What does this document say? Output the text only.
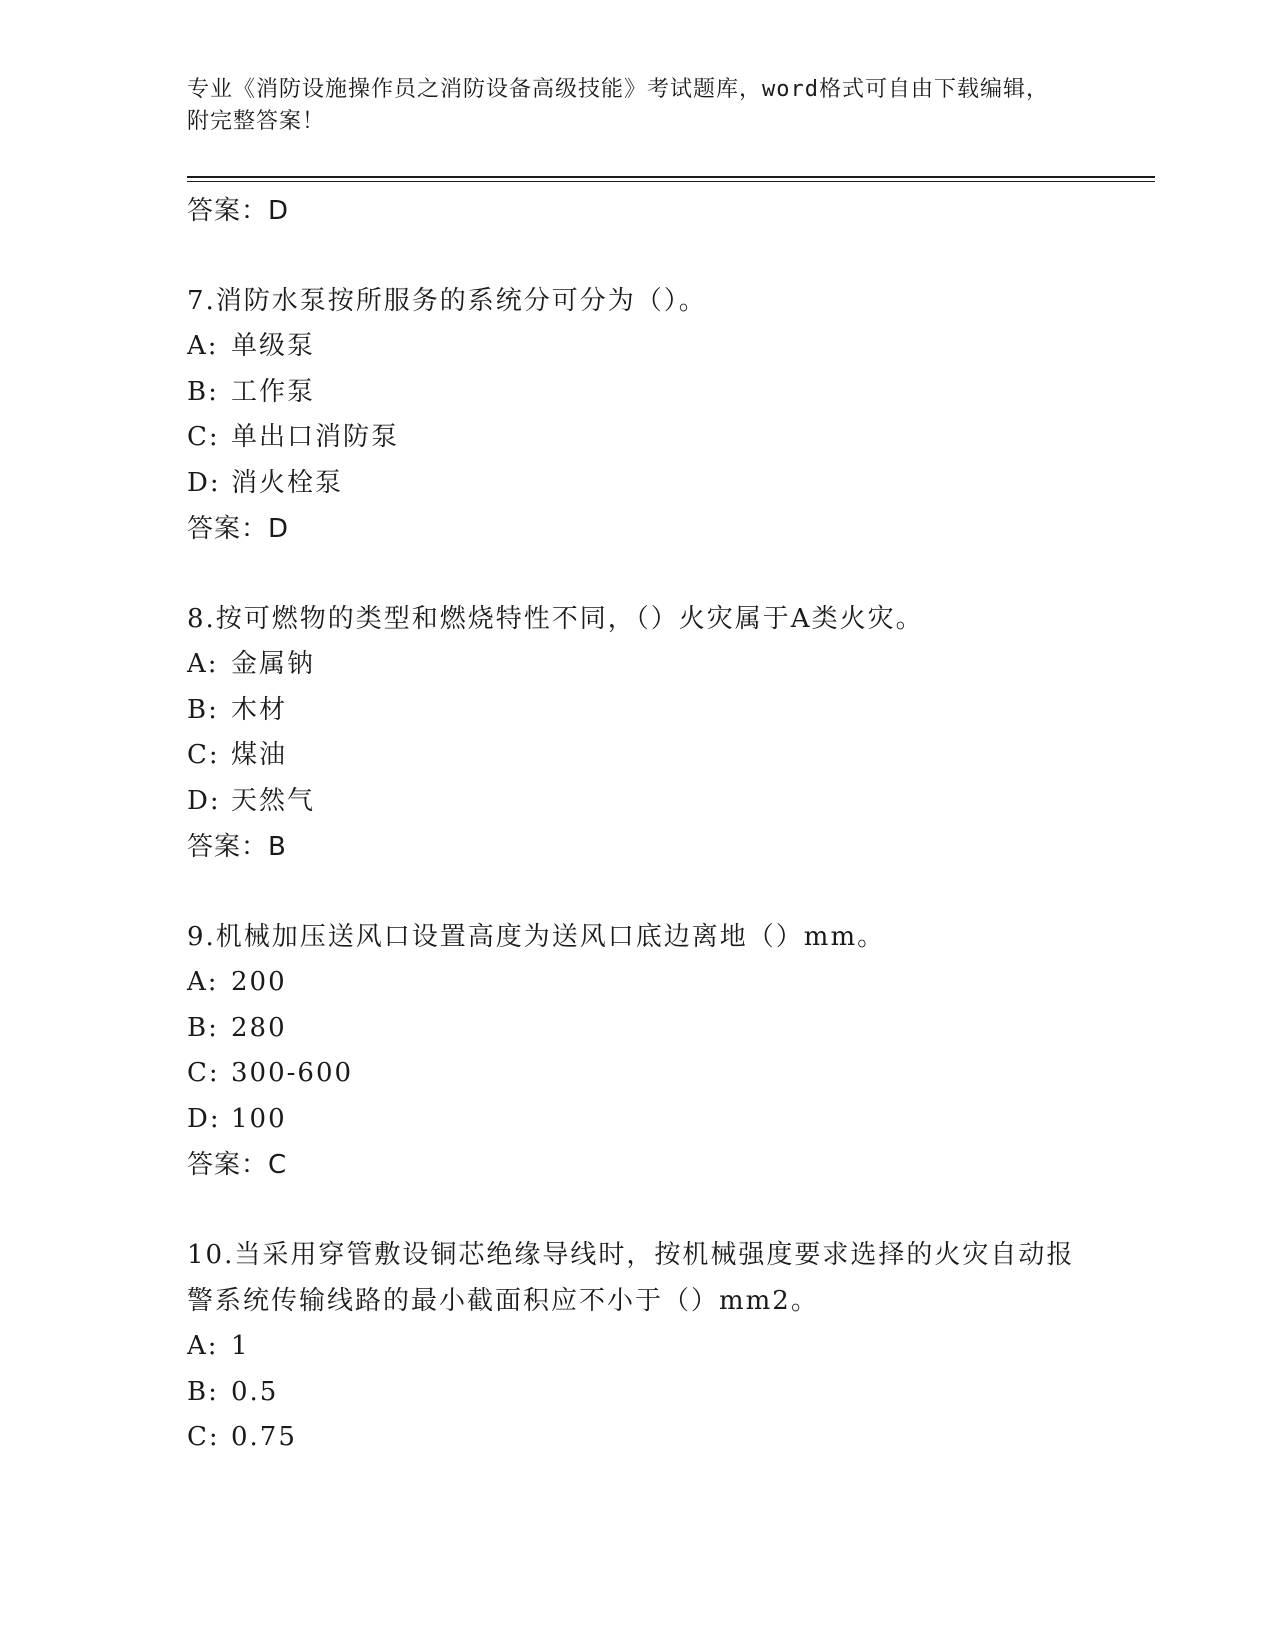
专业《消防设施操作员之消防设备高级技能》考试题库，word格式可自由下载编辑，附完整答案！
答案：D
7.消防水泵按所服务的系统分可分为（）。
A: 单级泵
B: 工作泵
C: 单出口消防泵
D: 消火栓泵
答案：D
8.按可燃物的类型和燃烧特性不同，（）火灾属于A类火灾。
A: 金属钠
B: 木材
C: 煤油
D: 天然气
答案：B
9.机械加压送风口设置高度为送风口底边离地（）mm。
A: 200
B: 280
C: 300-600
D: 100
答案：C
10.当采用穿管敷设铜芯绝缘导线时，按机械强度要求选择的火灾自动报警系统传输线路的最小截面积应不小于（）mm2。
A: 1
B: 0.5
C: 0.75
